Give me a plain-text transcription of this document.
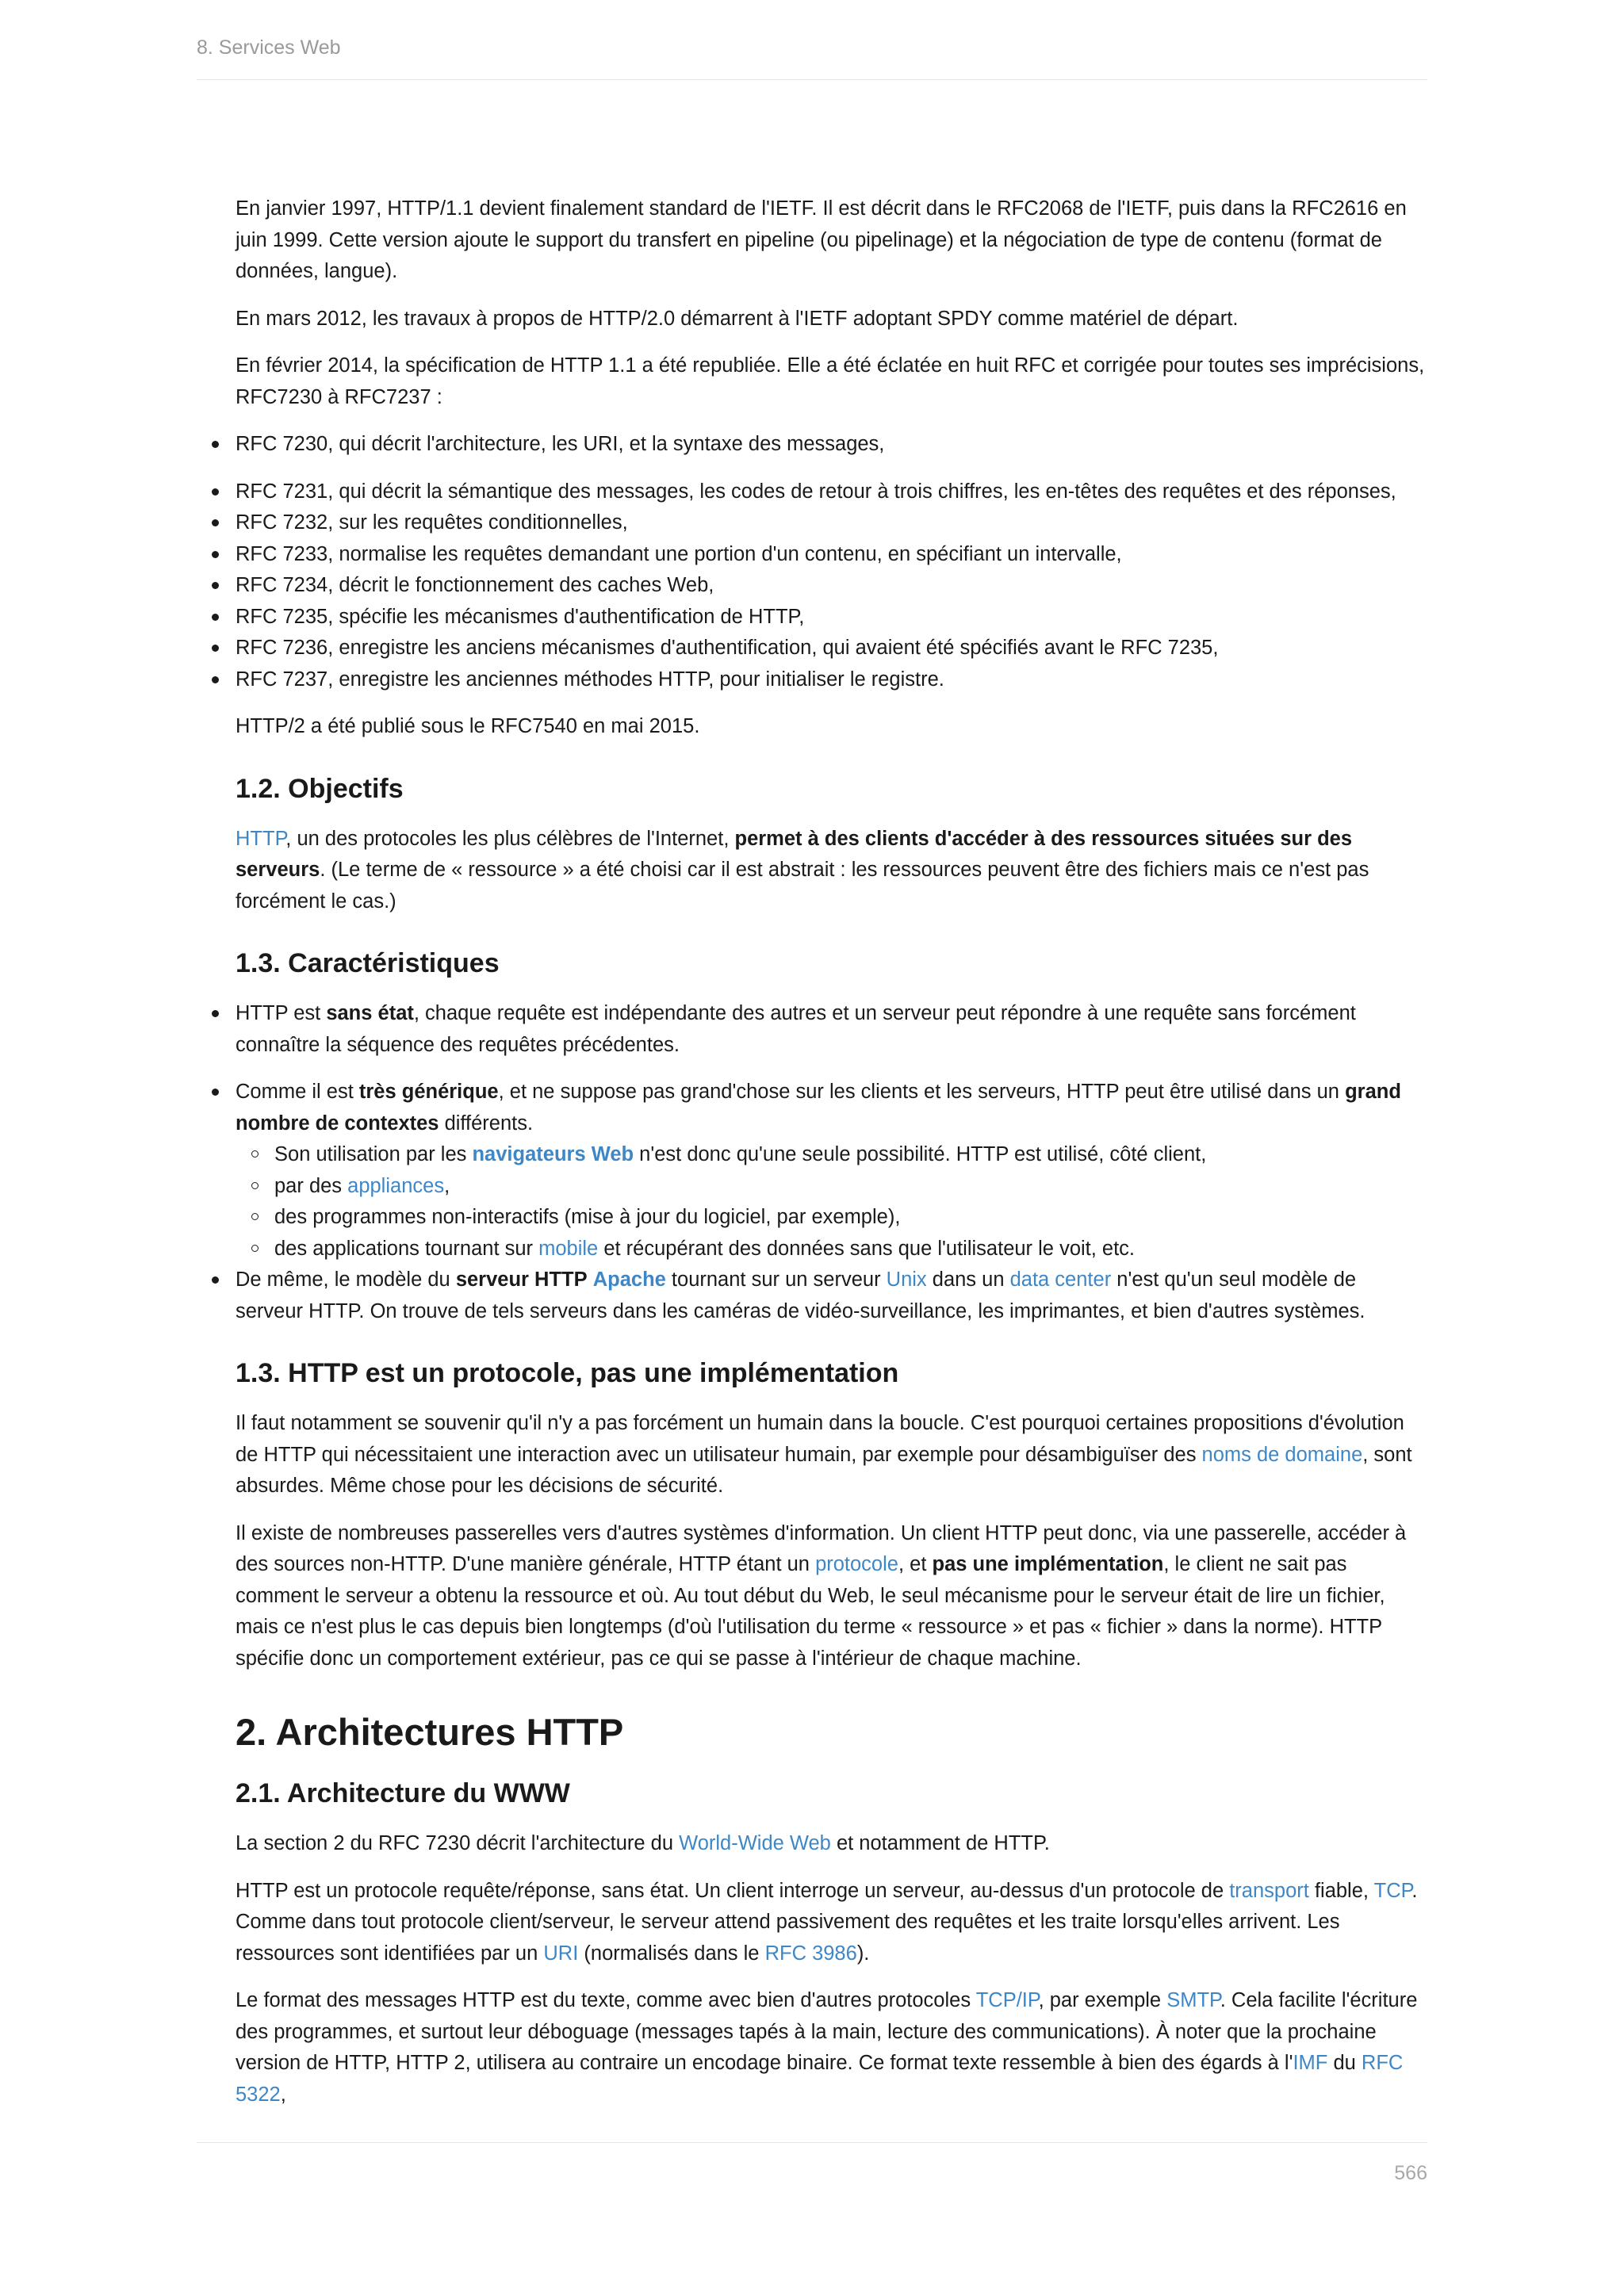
8. Services Web

En janvier 1997, HTTP/1.1 devient finalement standard de l'IETF. Il est décrit dans le RFC2068 de l'IETF, puis dans la RFC2616 en juin 1999. Cette version ajoute le support du transfert en pipeline (ou pipelinage) et la négociation de type de contenu (format de données, langue).

En mars 2012, les travaux à propos de HTTP/2.0 démarrent à l'IETF adoptant SPDY comme matériel de départ.

En février 2014, la spécification de HTTP 1.1 a été republiée. Elle a été éclatée en huit RFC et corrigée pour toutes ses imprécisions, RFC7230 à RFC7237 :

RFC 7230, qui décrit l'architecture, les URI, et la syntaxe des messages,
RFC 7231, qui décrit la sémantique des messages, les codes de retour à trois chiffres, les en-têtes des requêtes et des réponses,
RFC 7232, sur les requêtes conditionnelles,
RFC 7233, normalise les requêtes demandant une portion d'un contenu, en spécifiant un intervalle,
RFC 7234, décrit le fonctionnement des caches Web,
RFC 7235, spécifie les mécanismes d'authentification de HTTP,
RFC 7236, enregistre les anciens mécanismes d'authentification, qui avaient été spécifiés avant le RFC 7235,
RFC 7237, enregistre les anciennes méthodes HTTP, pour initialiser le registre.

HTTP/2 a été publié sous le RFC7540 en mai 2015.

1.2. Objectifs

HTTP, un des protocoles les plus célèbres de l'Internet, permet à des clients d'accéder à des ressources situées sur des serveurs. (Le terme de « ressource » a été choisi car il est abstrait : les ressources peuvent être des fichiers mais ce n'est pas forcément le cas.)

1.3. Caractéristiques
HTTP est sans état, chaque requête est indépendante des autres et un serveur peut répondre à une requête sans forcément connaître la séquence des requêtes précédentes.
Comme il est très générique, et ne suppose pas grand'chose sur les clients et les serveurs, HTTP peut être utilisé dans un grand nombre de contextes différents.
Son utilisation par les navigateurs Web n'est donc qu'une seule possibilité. HTTP est utilisé, côté client,
par des appliances,
des programmes non-interactifs (mise à jour du logiciel, par exemple),
des applications tournant sur mobile et récupérant des données sans que l'utilisateur le voit, etc.
De même, le modèle du serveur HTTP Apache tournant sur un serveur Unix dans un data center n'est qu'un seul modèle de serveur HTTP. On trouve de tels serveurs dans les caméras de vidéo-surveillance, les imprimantes, et bien d'autres systèmes.
1.3. HTTP est un protocole, pas une implémentation

Il faut notamment se souvenir qu'il n'y a pas forcément un humain dans la boucle. C'est pourquoi certaines propositions d'évolution de HTTP qui nécessitaient une interaction avec un utilisateur humain, par exemple pour désambiguïser des noms de domaine, sont absurdes. Même chose pour les décisions de sécurité.

Il existe de nombreuses passerelles vers d'autres systèmes d'information. Un client HTTP peut donc, via une passerelle, accéder à des sources non-HTTP. D'une manière générale, HTTP étant un protocole, et pas une implémentation, le client ne sait pas comment le serveur a obtenu la ressource et où. Au tout début du Web, le seul mécanisme pour le serveur était de lire un fichier, mais ce n'est plus le cas depuis bien longtemps (d'où l'utilisation du terme « ressource » et pas « fichier » dans la norme). HTTP spécifie donc un comportement extérieur, pas ce qui se passe à l'intérieur de chaque machine.

2. Architectures HTTP
2.1. Architecture du WWW

La section 2 du RFC 7230 décrit l'architecture du World-Wide Web et notamment de HTTP.

HTTP est un protocole requête/réponse, sans état. Un client interroge un serveur, au-dessus d'un protocole de transport fiable, TCP. Comme dans tout protocole client/serveur, le serveur attend passivement des requêtes et les traite lorsqu'elles arrivent. Les ressources sont identifiées par un URI (normalisés dans le RFC 3986).

Le format des messages HTTP est du texte, comme avec bien d'autres protocoles TCP/IP, par exemple SMTP. Cela facilite l'écriture des programmes, et surtout leur déboguage (messages tapés à la main, lecture des communications). À noter que la prochaine version de HTTP, HTTP 2, utilisera au contraire un encodage binaire. Ce format texte ressemble à bien des égards à l'IMF du RFC 5322,

566
